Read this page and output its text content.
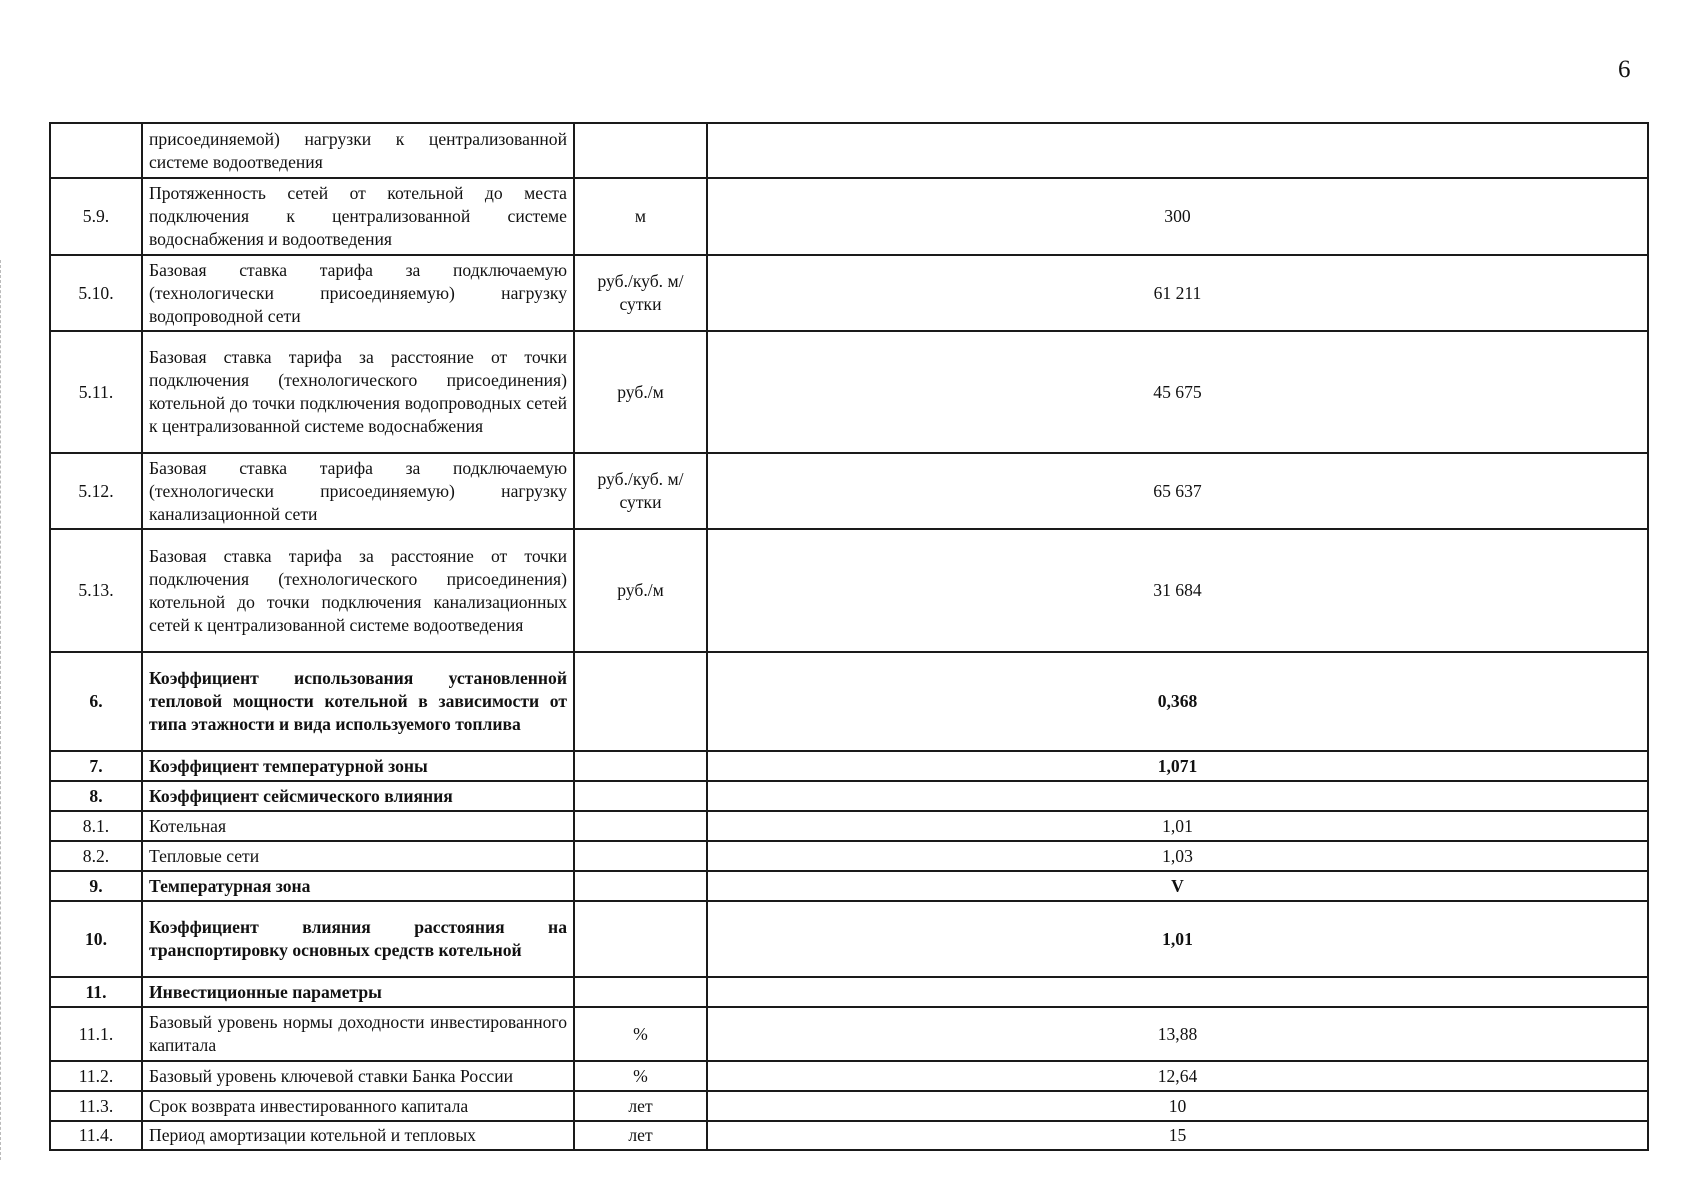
6
	присоединяемой) нагрузки к централизованной системе водоотведения		
5.9.	Протяженность сетей от котельной до места подключения к централизованной системе водоснабжения и водоотведения	м	300
5.10.	Базовая ставка тарифа за подключаемую (технологически присоединяемую) нагрузку водопроводной сети	руб./куб. м/ сутки	61 211
5.11.	Базовая ставка тарифа за расстояние от точки подключения (технологического присоединения) котельной до точки подключения водопроводных сетей к централизованной системе водоснабжения	руб./м	45 675
5.12.	Базовая ставка тарифа за подключаемую (технологически присоединяемую) нагрузку канализационной сети	руб./куб. м/ сутки	65 637
5.13.	Базовая ставка тарифа за расстояние от точки подключения (технологического присоединения) котельной до точки подключения канализационных сетей к централизованной системе водоотведения	руб./м	31 684
6.	Коэффициент использования установленной тепловой мощности котельной в зависимости от типа этажности и вида используемого топлива		0,368
7.	Коэффициент температурной зоны		1,071
8.	Коэффициент сейсмического влияния		
8.1.	Котельная		1,01
8.2.	Тепловые сети		1,03
9.	Температурная зона		V
10.	Коэффициент влияния расстояния на транспортировку основных средств котельной		1,01
11.	Инвестиционные параметры		
11.1.	Базовый уровень нормы доходности инвестированного капитала	%	13,88
11.2.	Базовый уровень ключевой ставки Банка России	%	12,64
11.3.	Срок возврата инвестированного капитала	лет	10
11.4.	Период амортизации котельной и тепловых	лет	15
